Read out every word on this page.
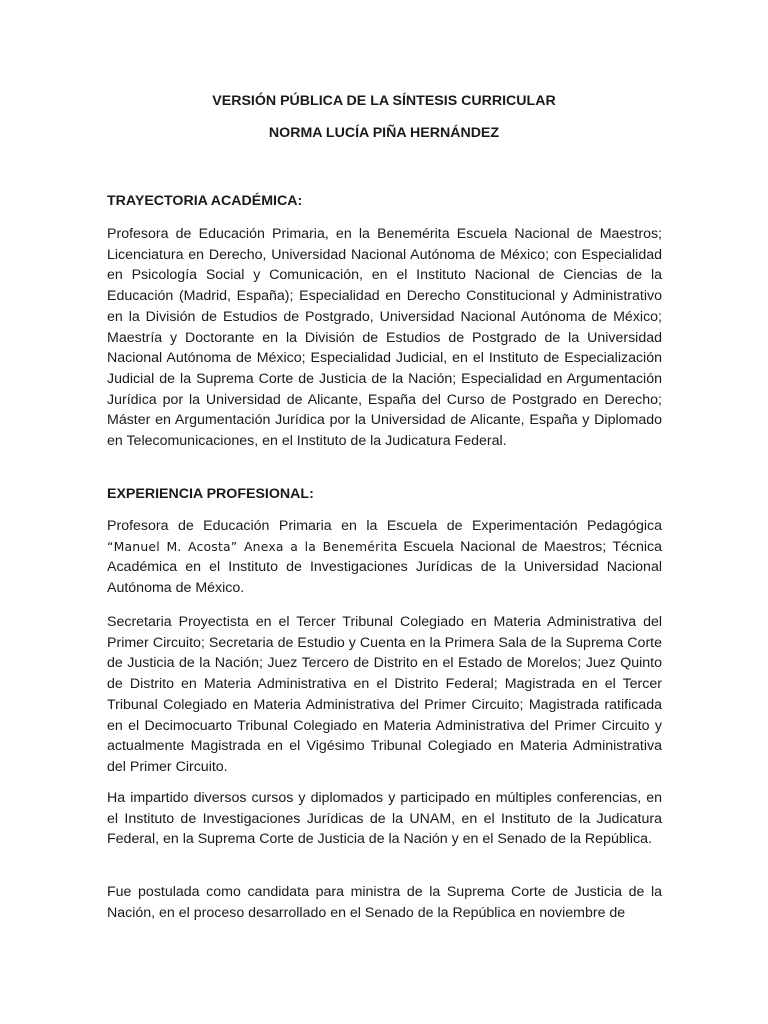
VERSIÓN PÚBLICA DE LA SÍNTESIS CURRICULAR

NORMA LUCÍA PIÑA HERNÁNDEZ

TRAYECTORIA ACADÉMICA:

Profesora de Educación Primaria, en la Benemérita Escuela Nacional de Maestros; Licenciatura en Derecho, Universidad Nacional Autónoma de México; con Especialidad en Psicología Social y Comunicación, en el Instituto Nacional de Ciencias de la Educación (Madrid, España); Especialidad en Derecho Constitucional y Administrativo en la División de Estudios de Postgrado, Universidad Nacional Autónoma de México; Maestría y Doctorante en la División de Estudios de Postgrado de la Universidad Nacional Autónoma de México; Especialidad Judicial, en el Instituto de Especialización Judicial de la Suprema Corte de Justicia de la Nación; Especialidad en Argumentación Jurídica por la Universidad de Alicante, España del Curso de Postgrado en Derecho; Máster en Argumentación Jurídica por la Universidad de Alicante, España y Diplomado en Telecomunicaciones, en el Instituto de la Judicatura Federal.

EXPERIENCIA PROFESIONAL:

Profesora de Educación Primaria en la Escuela de Experimentación Pedagógica “Manuel M. Acosta” Anexa a la Benemérita Escuela Nacional de Maestros; Técnica Académica en el Instituto de Investigaciones Jurídicas de la Universidad Nacional Autónoma de México.

Secretaria Proyectista en el Tercer Tribunal Colegiado en Materia Administrativa del Primer Circuito; Secretaria de Estudio y Cuenta en la Primera Sala de la Suprema Corte de Justicia de la Nación; Juez Tercero de Distrito en el Estado de Morelos; Juez Quinto de Distrito en Materia Administrativa en el Distrito Federal; Magistrada en el Tercer Tribunal Colegiado en Materia Administrativa del Primer Circuito; Magistrada ratificada en el Decimocuarto Tribunal Colegiado en Materia Administrativa del Primer Circuito y actualmente Magistrada en el Vigésimo Tribunal Colegiado en Materia Administrativa del Primer Circuito.

Ha impartido diversos cursos y diplomados y participado en múltiples conferencias, en el Instituto de Investigaciones Jurídicas de la UNAM, en el Instituto de la Judicatura Federal, en la Suprema Corte de Justicia de la Nación y en el Senado de la República.

Fue postulada como candidata para ministra de la Suprema Corte de Justicia de la Nación, en el proceso desarrollado en el Senado de la República en noviembre de
